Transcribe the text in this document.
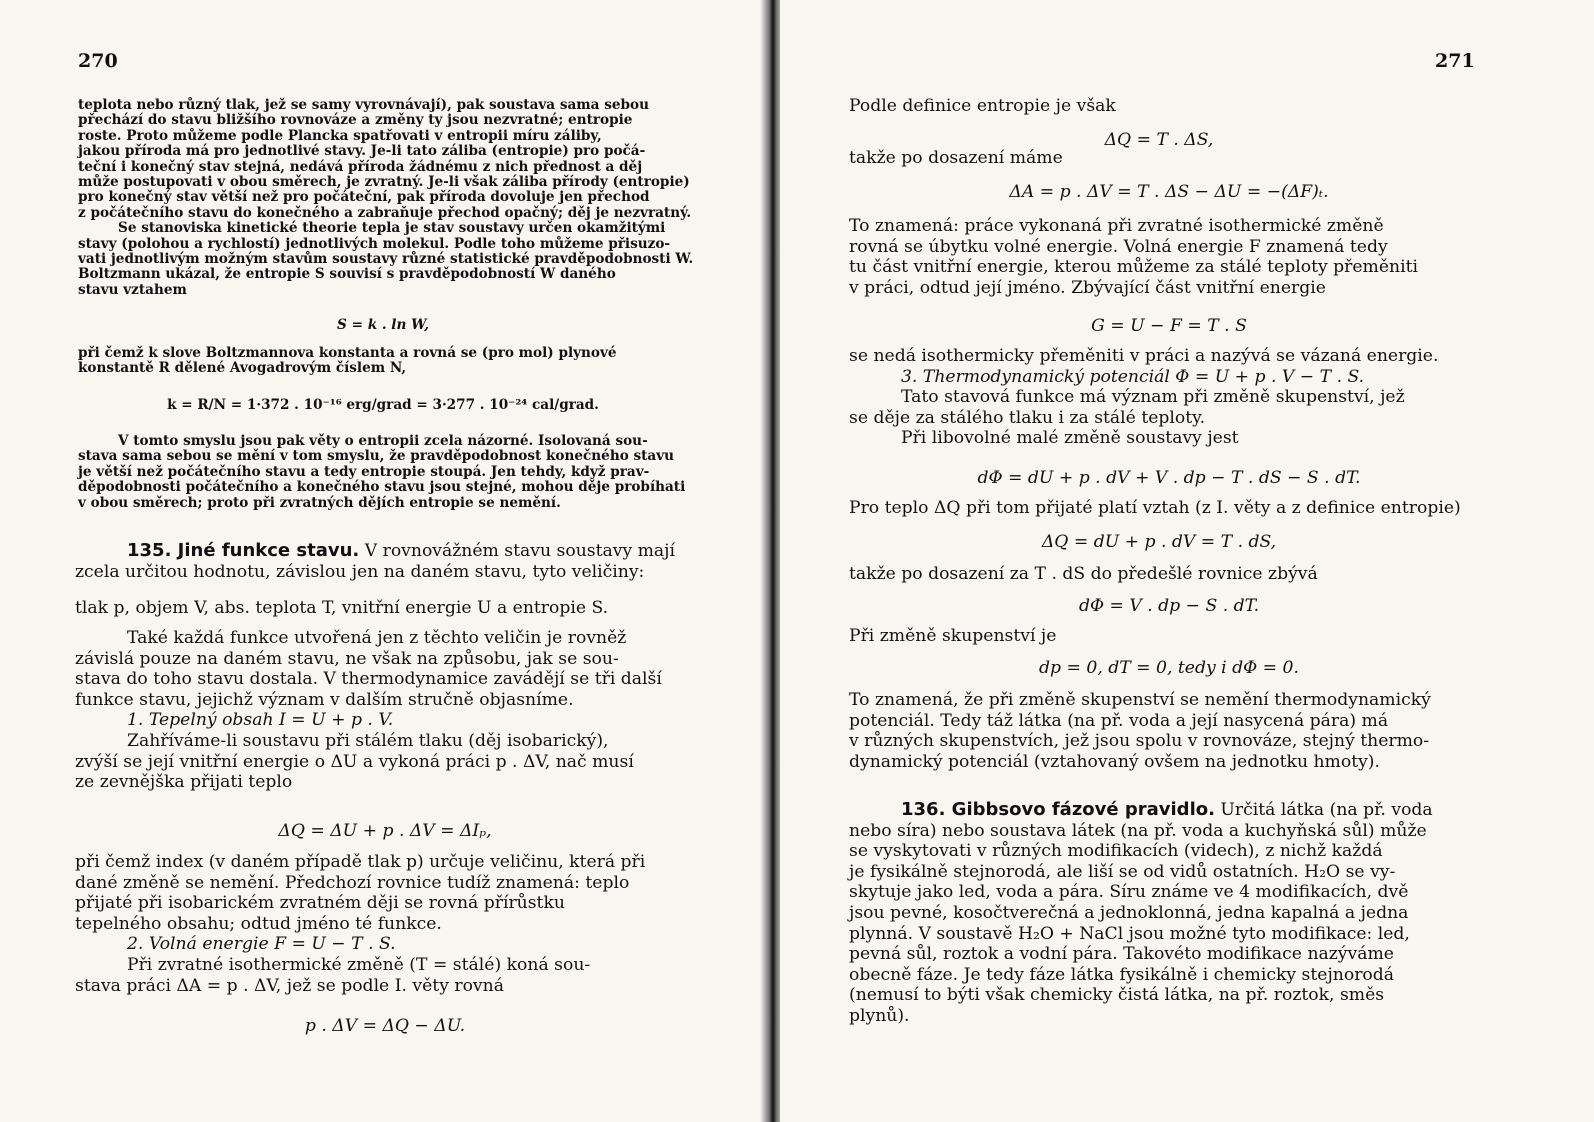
270
teplota nebo různý tlak, jež se samy vyrovnávají), pak soustava sama sebou
přechází do stavu bližšího rovnováze a změny ty jsou nezvratné; entropie
roste. Proto můžeme podle Plancka spatřovati v entropii míru záliby,
jakou příroda má pro jednotlivé stavy. Je-li tato záliba (entropie) pro počá-
teční i konečný stav stejná, nedává příroda žádnému z nich přednost a děj
může postupovati v obou směrech, je zvratný. Je-li však záliba přírody (entropie)
pro konečný stav větší než pro počáteční, pak příroda dovoluje jen přechod
z počátečního stavu do konečného a zabraňuje přechod opačný; děj je nezvratný.
Se stanoviska kinetické theorie tepla je stav soustavy určen okamžitými
stavy (polohou a rychlostí) jednotlivých molekul. Podle toho můžeme přisuzo-
vati jednotlivým možným stavům soustavy různé statistické pravděpodobnosti W.
Boltzmann ukázal, že entropie S souvisí s pravděpodobností W daného
stavu vztahem
S = k . ln W,
při čemž k slove Boltzmannova konstanta a rovná se (pro mol) plynové
konstantě R dělené Avogadrovým číslem N,
k = R/N = 1·372 . 10⁻¹⁶ erg/grad = 3·277 . 10⁻²⁴ cal/grad.
V tomto smyslu jsou pak věty o entropii zcela názorné. Isolovaná sou-
stava sama sebou se mění v tom smyslu, že pravděpodobnost konečného stavu
je větší než počátečního stavu a tedy entropie stoupá. Jen tehdy, když prav-
děpodobnosti počátečního a konečného stavu jsou stejné, mohou děje probíhati
v obou směrech; proto při zvratných dějích entropie se nemění.
135. Jiné funkce stavu. V rovnovážném stavu soustavy mají
zcela určitou hodnotu, závislou jen na daném stavu, tyto veličiny:
tlak p, objem V, abs. teplota T, vnitřní energie U a entropie S.
Také každá funkce utvořená jen z těchto veličin je rovněž
závislá pouze na daném stavu, ne však na způsobu, jak se sou-
stava do toho stavu dostala. V thermodynamice zavádějí se tři další
funkce stavu, jejichž význam v dalším stručně objasníme.
1. Tepelný obsah I = U + p . V.
Zahříváme-li soustavu při stálém tlaku (děj isobarický),
zvýší se její vnitřní energie o ΔU a vykoná práci p . ΔV, nač musí
ze zevnějška přijati teplo
ΔQ = ΔU + p . ΔV = ΔIₚ,
při čemž index (v daném případě tlak p) určuje veličinu, která při
dané změně se nemění. Předchozí rovnice tudíž znamená: teplo
přijaté při isobarickém zvratném ději se rovná přírůstku
tepelného obsahu; odtud jméno té funkce.
2. Volná energie F = U − T . S.
Při zvratné isothermické změně (T = stálé) koná sou-
stava práci ΔA = p . ΔV, jež se podle I. věty rovná
p . ΔV = ΔQ − ΔU.
271
Podle definice entropie je však
ΔQ = T . ΔS,
takže po dosazení máme
ΔA = p . ΔV = T . ΔS − ΔU = −(ΔF)ₜ.
To znamená: práce vykonaná při zvratné isothermické změně
rovná se úbytku volné energie. Volná energie F znamená tedy
tu část vnitřní energie, kterou můžeme za stálé teploty přeměniti
v práci, odtud její jméno. Zbývající část vnitřní energie
G = U − F = T . S
se nedá isothermicky přeměniti v práci a nazývá se vázaná energie.
3. Thermodynamický potenciál Φ = U + p . V − T . S.
Tato stavová funkce má význam při změně skupenství, jež
se děje za stálého tlaku i za stálé teploty.
Při libovolné malé změně soustavy jest
dΦ = dU + p . dV + V . dp − T . dS − S . dT.
Pro teplo ΔQ při tom přijaté platí vztah (z I. věty a z definice entropie)
ΔQ = dU + p . dV = T . dS,
takže po dosazení za T . dS do předešlé rovnice zbývá
dΦ = V . dp − S . dT.
Při změně skupenství je
dp = 0, dT = 0, tedy i dΦ = 0.
To znamená, že při změně skupenství se nemění thermodynamický
potenciál. Tedy táž látka (na př. voda a její nasycená pára) má
v různých skupenstvích, jež jsou spolu v rovnováze, stejný thermo-
dynamický potenciál (vztahovaný ovšem na jednotku hmoty).
136. Gibbsovo fázové pravidlo. Určitá látka (na př. voda
nebo síra) nebo soustava látek (na př. voda a kuchyňská sůl) může
se vyskytovati v různých modifikacích (videch), z nichž každá
je fysikálně stejnorodá, ale liší se od vidů ostatních. H₂O se vy-
skytuje jako led, voda a pára. Síru známe ve 4 modifikacích, dvě
jsou pevné, kosočtverečná a jednoklonná, jedna kapalná a jedna
plynná. V soustavě H₂O + NaCl jsou možné tyto modifikace: led,
pevná sůl, roztok a vodní pára. Takovéto modifikace nazýváme
obecně fáze. Je tedy fáze látka fysikálně i chemicky stejnorodá
(nemusí to býti však chemicky čistá látka, na př. roztok, směs
plynů).
